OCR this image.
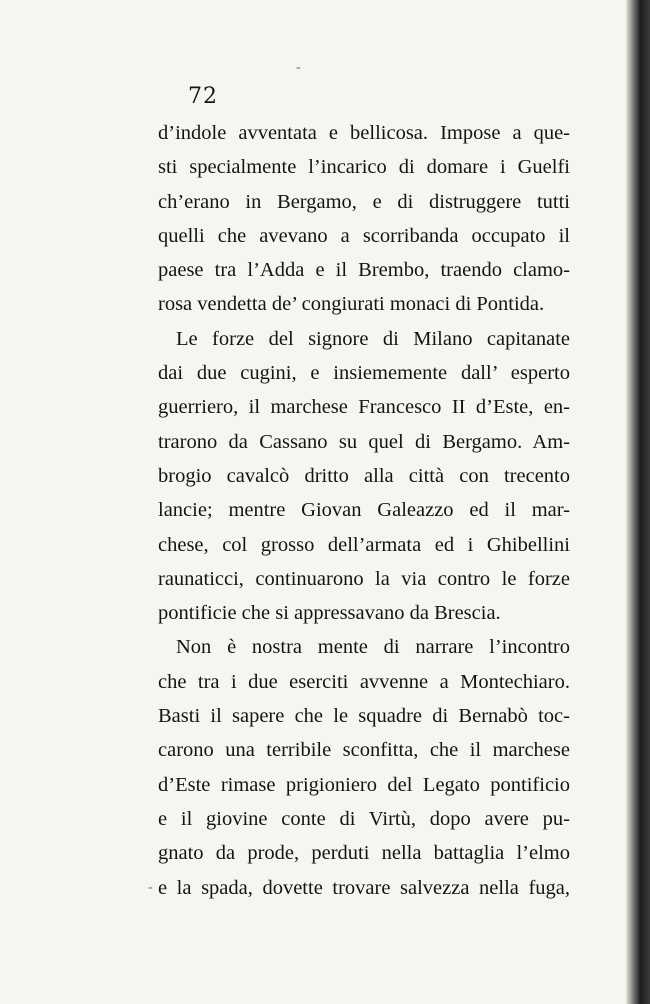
-
-
72
d’indole avventata e bellicosa. Impose a que-
sti specialmente l’incarico di domare i Guelfi
ch’erano in Bergamo, e di distruggere tutti
quelli che avevano a scorribanda occupato il
paese tra l’Adda e il Brembo, traendo clamo-
rosa vendetta de’ congiurati monaci di Pontida.
Le forze del signore di Milano capitanate
dai due cugini, e insiememente dall’ esperto
guerriero, il marchese Francesco II d’Este, en-
trarono da Cassano su quel di Bergamo. Am-
brogio cavalcò dritto alla città con trecento
lancie; mentre Giovan Galeazzo ed il mar-
chese, col grosso dell’armata ed i Ghibellini
raunaticci, continuarono la via contro le forze
pontificie che si appressavano da Brescia.
Non è nostra mente di narrare l’incontro
che tra i due eserciti avvenne a Montechiaro.
Basti il sapere che le squadre di Bernabò toc-
carono una terribile sconfitta, che il marchese
d’Este rimase prigioniero del Legato pontificio
e il giovine conte di Virtù, dopo avere pu-
gnato da prode, perduti nella battaglia l’elmo
e la spada, dovette trovare salvezza nella fuga,
